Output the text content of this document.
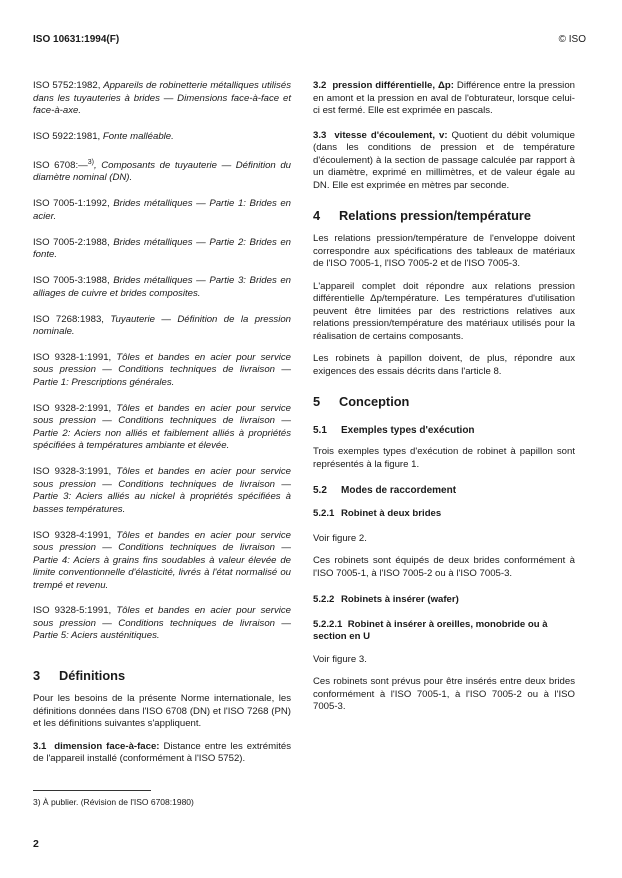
ISO 10631:1994(F)	© ISO

ISO 5752:1982, Appareils de robinetterie métalliques utilisés dans les tuyauteries à brides — Dimensions face-à-face et face-à-axe.

ISO 5922:1981, Fonte malléable.

ISO 6708:—$^{3)}$, Composants de tuyauterie — Définition du diamètre nominal (DN).

ISO 7005-1:1992, Brides métalliques — Partie 1: Brides en acier.

ISO 7005-2:1988, Brides métalliques — Partie 2: Brides en fonte.

ISO 7005-3:1988, Brides métalliques — Partie 3: Brides en alliages de cuivre et brides composites.

ISO 7268:1983, Tuyauterie — Définition de la pression nominale.

ISO 9328-1:1991, Tôles et bandes en acier pour service sous pression — Conditions techniques de livraison — Partie 1: Prescriptions générales.

ISO 9328-2:1991, Tôles et bandes en acier pour service sous pression — Conditions techniques de livraison — Partie 2: Aciers non alliés et faiblement alliés à propriétés spécifiées à températures ambiante et élevée.

ISO 9328-3:1991, Tôles et bandes en acier pour service sous pression — Conditions techniques de livraison — Partie 3: Aciers alliés au nickel à propriétés spécifiées à basses températures.

ISO 9328-4:1991, Tôles et bandes en acier pour service sous pression — Conditions techniques de livraison — Partie 4: Aciers à grains fins soudables à valeur élevée de limite conventionnelle d'élasticité, livrés à l'état normalisé ou trempé et revenu.

ISO 9328-5:1991, Tôles et bandes en acier pour service sous pression — Conditions techniques de livraison — Partie 5: Aciers austénitiques.

3 Définitions

Pour les besoins de la présente Norme internationale, les définitions données dans l'ISO 6708 (DN) et l'ISO 7268 (PN) et les définitions suivantes s'appliquent.

3.1 dimension face-à-face: Distance entre les extrémités de l'appareil installé (conformément à l'ISO 5752).

3.2 pression différentielle, Δp: Différence entre la pression en amont et la pression en aval de l'obturateur, lorsque celui-ci est fermé. Elle est exprimée en pascals.

3.3 vitesse d'écoulement, v: Quotient du débit volumique (dans les conditions de pression et de température d'écoulement) à la section de passage calculée par rapport à un diamètre, exprimé en millimètres, et de valeur égale au DN. Elle est exprimée en mètres par seconde.

4 Relations pression/température

Les relations pression/température de l'enveloppe doivent correspondre aux spécifications des tableaux de matériaux de l'ISO 7005-1, l'ISO 7005-2 et de l'ISO 7005-3.

L'appareil complet doit répondre aux relations pression différentielle Δp/température. Les températures d'utilisation peuvent être limitées par des restrictions relatives aux relations pression/température des matériaux utilisés pour la réalisation de certains composants.

Les robinets à papillon doivent, de plus, répondre aux exigences des essais décrits dans l'article 8.

5 Conception
5.1 Exemples types d'exécution

Trois exemples types d'exécution de robinet à papillon sont représentés à la figure 1.

5.2 Modes de raccordement
5.2.1 Robinet à deux brides

Voir figure 2.

Ces robinets sont équipés de deux brides conformément à l'ISO 7005-1, à l'ISO 7005-2 ou à l'ISO 7005-3.

5.2.2 Robinets à insérer (wafer)
5.2.2.1 Robinet à insérer à oreilles, monobride ou à section en U

Voir figure 3.

Ces robinets sont prévus pour être insérés entre deux brides conformément à l'ISO 7005-1, à l'ISO 7005-2 ou à l'ISO 7005-3.

3) À publier. (Révision de l'ISO 6708:1980)
2
